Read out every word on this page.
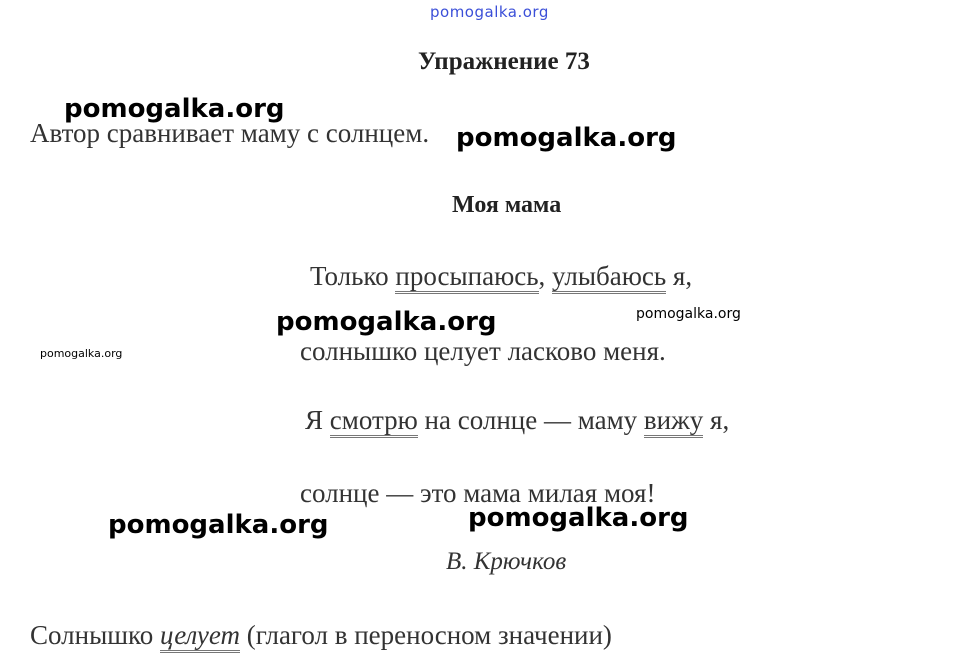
pomogalka.org
Упражнение 73
pomogalka.org
Автор сравнивает маму с солнцем. pomogalka.org
Моя мама
Только просыпаюсь, улыбаюсь я,
pomogalka.org	pomogalka.org
pomogalka.org	солнышко целует ласково меня.
Я смотрю на солнце — маму вижу я,
солнце — это мама милая моя!
pomogalka.org
pomogalka.org
В. Крючков
Солнышко целует (глагол в переносном значении)
